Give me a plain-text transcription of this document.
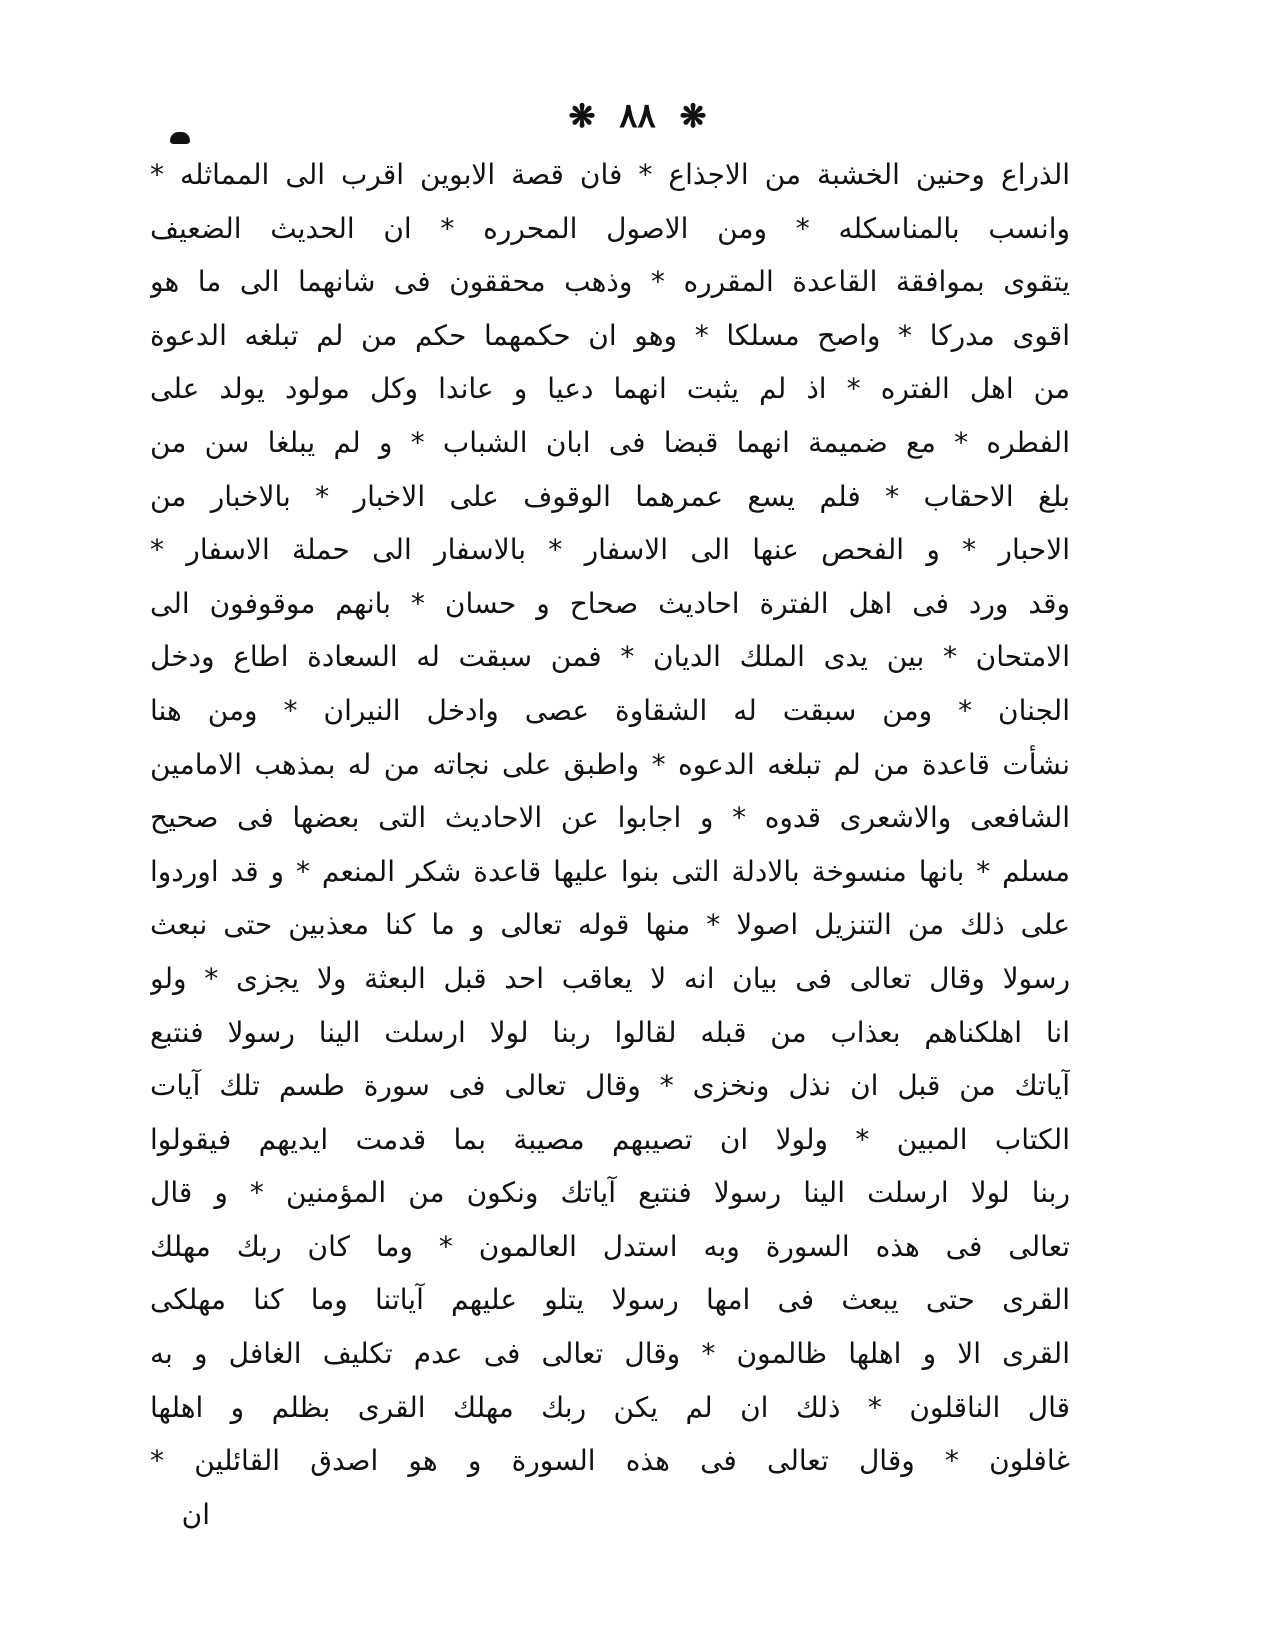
❋ ٨٨ ❋
الذراع وحنين الخشبة من الاجذاع * فان قصة الابوين اقرب الى المماثله *
وانسب بالمناسكله * ومن الاصول المحرره * ان الحديث الضعيف
يتقوى بموافقة القاعدة المقرره * وذهب محققون فى شانهما الى ما هو
اقوى مدركا * واصح مسلكا * وهو ان حكمهما حكم من لم تبلغه الدعوة
من اهل الفتره * اذ لم يثبت انهما دعيا و عاندا وكل مولود يولد على
الفطره * مع ضميمة انهما قبضا فى ابان الشباب * و لم يبلغا سن من
بلغ الاحقاب * فلم يسع عمرهما الوقوف على الاخبار * بالاخبار من
الاحبار * و الفحص عنها الى الاسفار * بالاسفار الى حملة الاسفار *
وقد ورد فى اهل الفترة احاديث صحاح و حسان * بانهم موقوفون الى
الامتحان * بين يدى الملك الديان * فمن سبقت له السعادة اطاع ودخل
الجنان * ومن سبقت له الشقاوة عصى وادخل النيران * ومن هنا
نشأت قاعدة من لم تبلغه الدعوه * واطبق على نجاته من له بمذهب الامامين
الشافعى والاشعرى قدوه * و اجابوا عن الاحاديث التى بعضها فى صحيح
مسلم * بانها منسوخة بالادلة التى بنوا عليها قاعدة شكر المنعم * و قد اوردوا
على ذلك من التنزيل اصولا * منها قوله تعالى و ما كنا معذبين حتى نبعث
رسولا وقال تعالى فى بيان انه لا يعاقب احد قبل البعثة ولا يجزى * ولو
انا اهلكناهم بعذاب من قبله لقالوا ربنا لولا ارسلت الينا رسولا فنتبع
آياتك من قبل ان نذل ونخزى * وقال تعالى فى سورة طسم تلك آيات
الكتاب المبين * ولولا ان تصيبهم مصيبة بما قدمت ايديهم فيقولوا
ربنا لولا ارسلت الينا رسولا فنتبع آياتك ونكون من المؤمنين * و قال
تعالى فى هذه السورة وبه استدل العالمون * وما كان ربك مهلك
القرى حتى يبعث فى امها رسولا يتلو عليهم آياتنا وما كنا مهلكى
القرى الا و اهلها ظالمون * وقال تعالى فى عدم تكليف الغافل و به
قال الناقلون * ذلك ان لم يكن ربك مهلك القرى بظلم و اهلها
غافلون * وقال تعالى فى هذه السورة و هو اصدق القائلين *
ان
